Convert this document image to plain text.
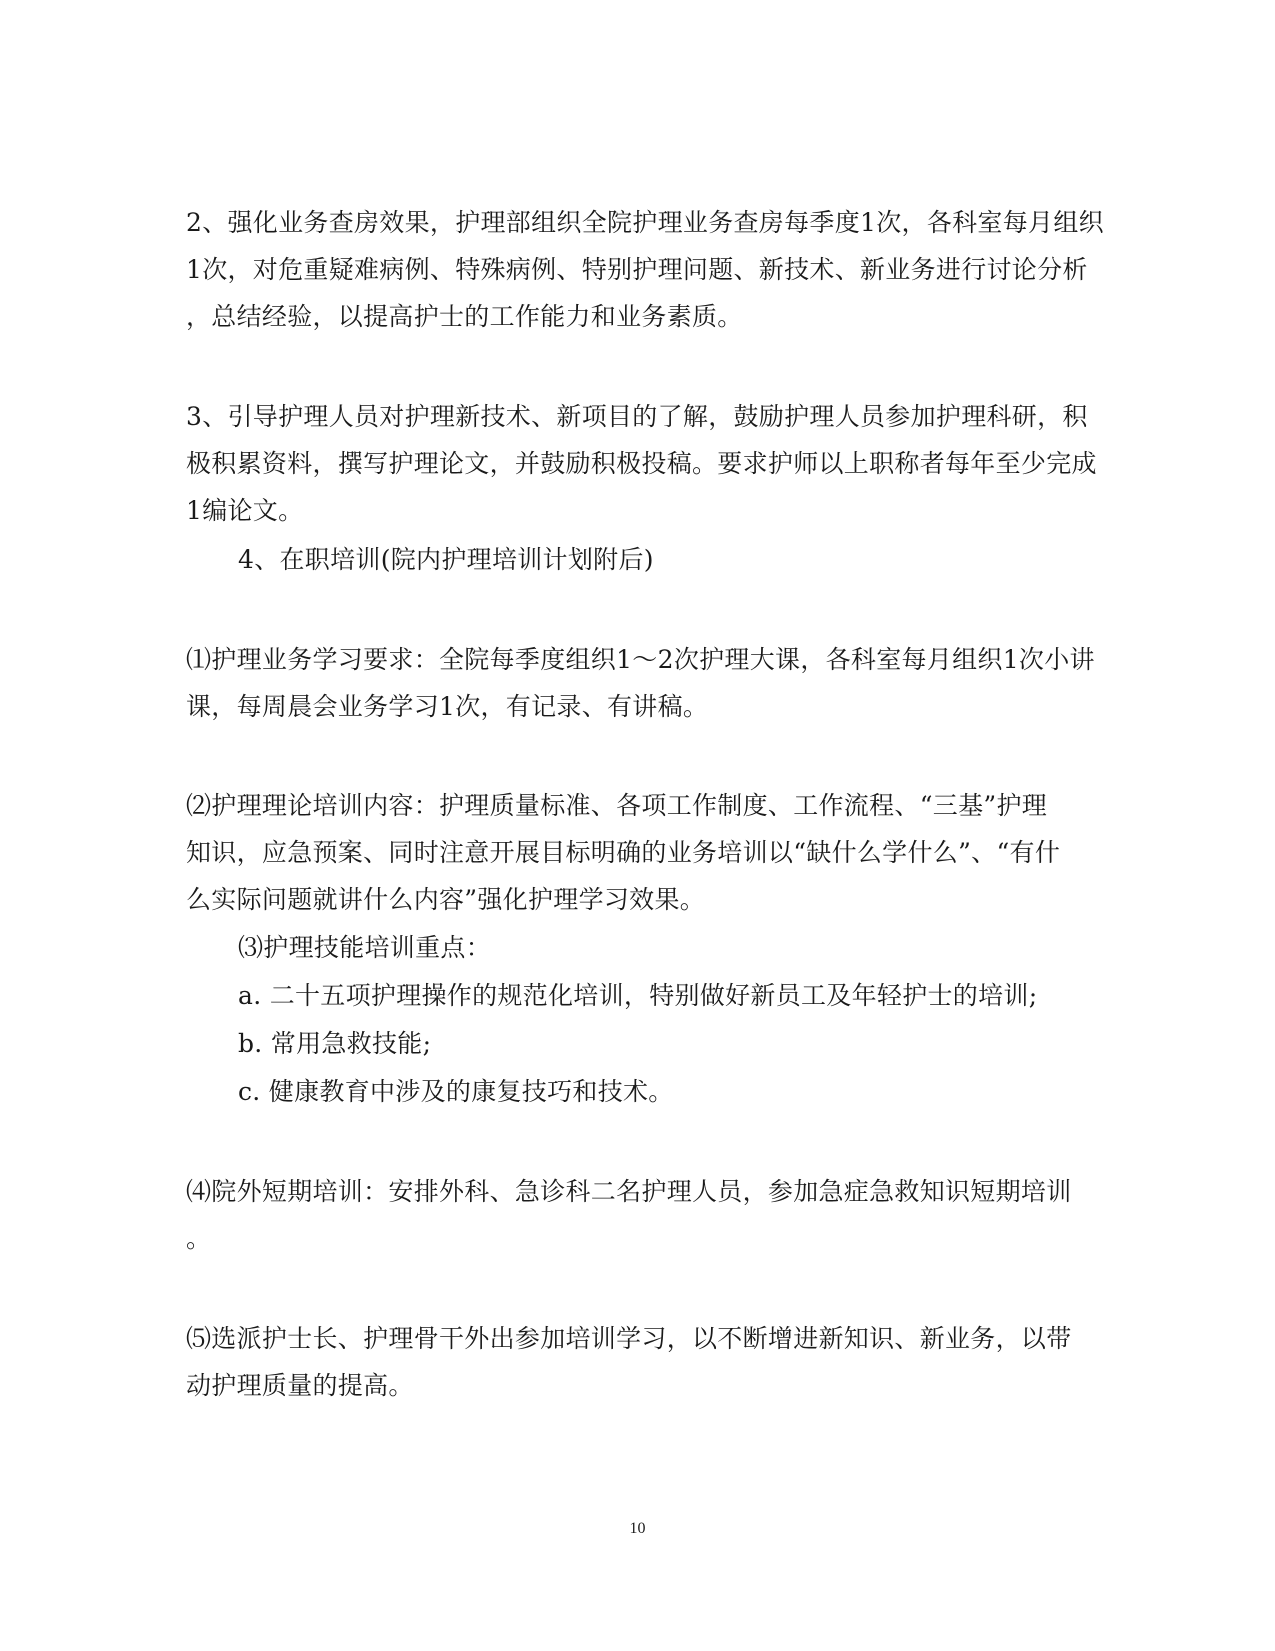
2、强化业务查房效果，护理部组织全院护理业务查房每季度1次，各科室每月组织
1次，对危重疑难病例、特殊病例、特别护理问题、新技术、新业务进行讨论分析
，总结经验，以提高护士的工作能力和业务素质。
3、引导护理人员对护理新技术、新项目的了解，鼓励护理人员参加护理科研，积
极积累资料，撰写护理论文，并鼓励积极投稿。要求护师以上职称者每年至少完成
1编论文。
4、在职培训(院内护理培训计划附后)
⑴护理业务学习要求：全院每季度组织1～2次护理大课，各科室每月组织1次小讲
课，每周晨会业务学习1次，有记录、有讲稿。
⑵护理理论培训内容：护理质量标准、各项工作制度、工作流程、“三基”护理
知识，应急预案、同时注意开展目标明确的业务培训以“缺什么学什么”、“有什
么实际问题就讲什么内容”强化护理学习效果。
⑶护理技能培训重点：
a. 二十五项护理操作的规范化培训，特别做好新员工及年轻护士的培训;
b. 常用急救技能;
c. 健康教育中涉及的康复技巧和技术。
⑷院外短期培训：安排外科、急诊科二名护理人员，参加急症急救知识短期培训
。
⑸选派护士长、护理骨干外出参加培训学习，以不断增进新知识、新业务，以带
动护理质量的提高。
10
